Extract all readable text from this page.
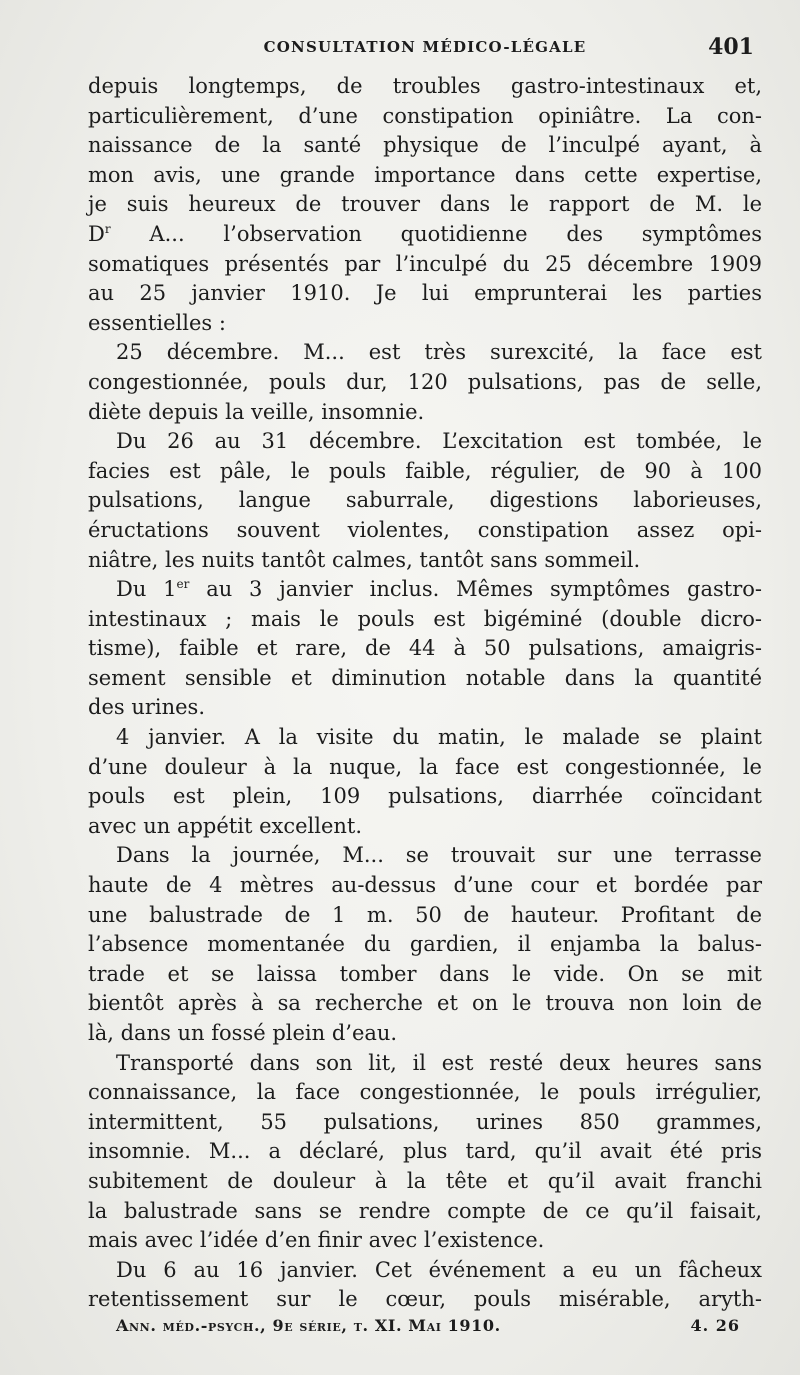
CONSULTATION MÉDICO-LÉGALE	401
depuis longtemps, de troubles gastro-intestinaux et,
particulièrement, d’une constipation opiniâtre. La con-
naissance de la santé physique de l’inculpé ayant, à
mon avis, une grande importance dans cette expertise,
je suis heureux de trouver dans le rapport de M. le
$D^r$ A... l’observation quotidienne des symptômes
somatiques présentés par l’inculpé du 25 décembre 1909
au 25 janvier 1910. Je lui emprunterai les parties
essentielles :
25 décembre. M... est très surexcité, la face est
congestionnée, pouls dur, 120 pulsations, pas de selle,
diète depuis la veille, insomnie.
Du 26 au 31 décembre. L’excitation est tombée, le
facies est pâle, le pouls faible, régulier, de 90 à 100
pulsations, langue saburrale, digestions laborieuses,
éructations souvent violentes, constipation assez opi-
niâtre, les nuits tantôt calmes, tantôt sans sommeil.
Du 1er au 3 janvier inclus. Mêmes symptômes gastro-
intestinaux ; mais le pouls est bigéminé (double dicro-
tisme), faible et rare, de 44 à 50 pulsations, amaigris-
sement sensible et diminution notable dans la quantité
des urines.
4 janvier. A la visite du matin, le malade se plaint
d’une douleur à la nuque, la face est congestionnée, le
pouls est plein, 109 pulsations, diarrhée coïncidant
avec un appétit excellent.
Dans la journée, M... se trouvait sur une terrasse
haute de 4 mètres au-dessus d’une cour et bordée par
une balustrade de 1 m. 50 de hauteur. Profitant de
l’absence momentanée du gardien, il enjamba la balus-
trade et se laissa tomber dans le vide. On se mit
bientôt après à sa recherche et on le trouva non loin de
là, dans un fossé plein d’eau.
Transporté dans son lit, il est resté deux heures sans
connaissance, la face congestionnée, le pouls irrégulier,
intermittent, 55 pulsations, urines 850 grammes,
insomnie. M... a déclaré, plus tard, qu’il avait été pris
subitement de douleur à la tête et qu’il avait franchi
la balustrade sans se rendre compte de ce qu’il faisait,
mais avec l’idée d’en finir avec l’existence.
Du 6 au 16 janvier. Cet événement a eu un fâcheux
retentissement sur le cœur, pouls misérable, aryth-
Ann. méd.-psych., 9e série, t. XI. Mai 1910.	4. 26
